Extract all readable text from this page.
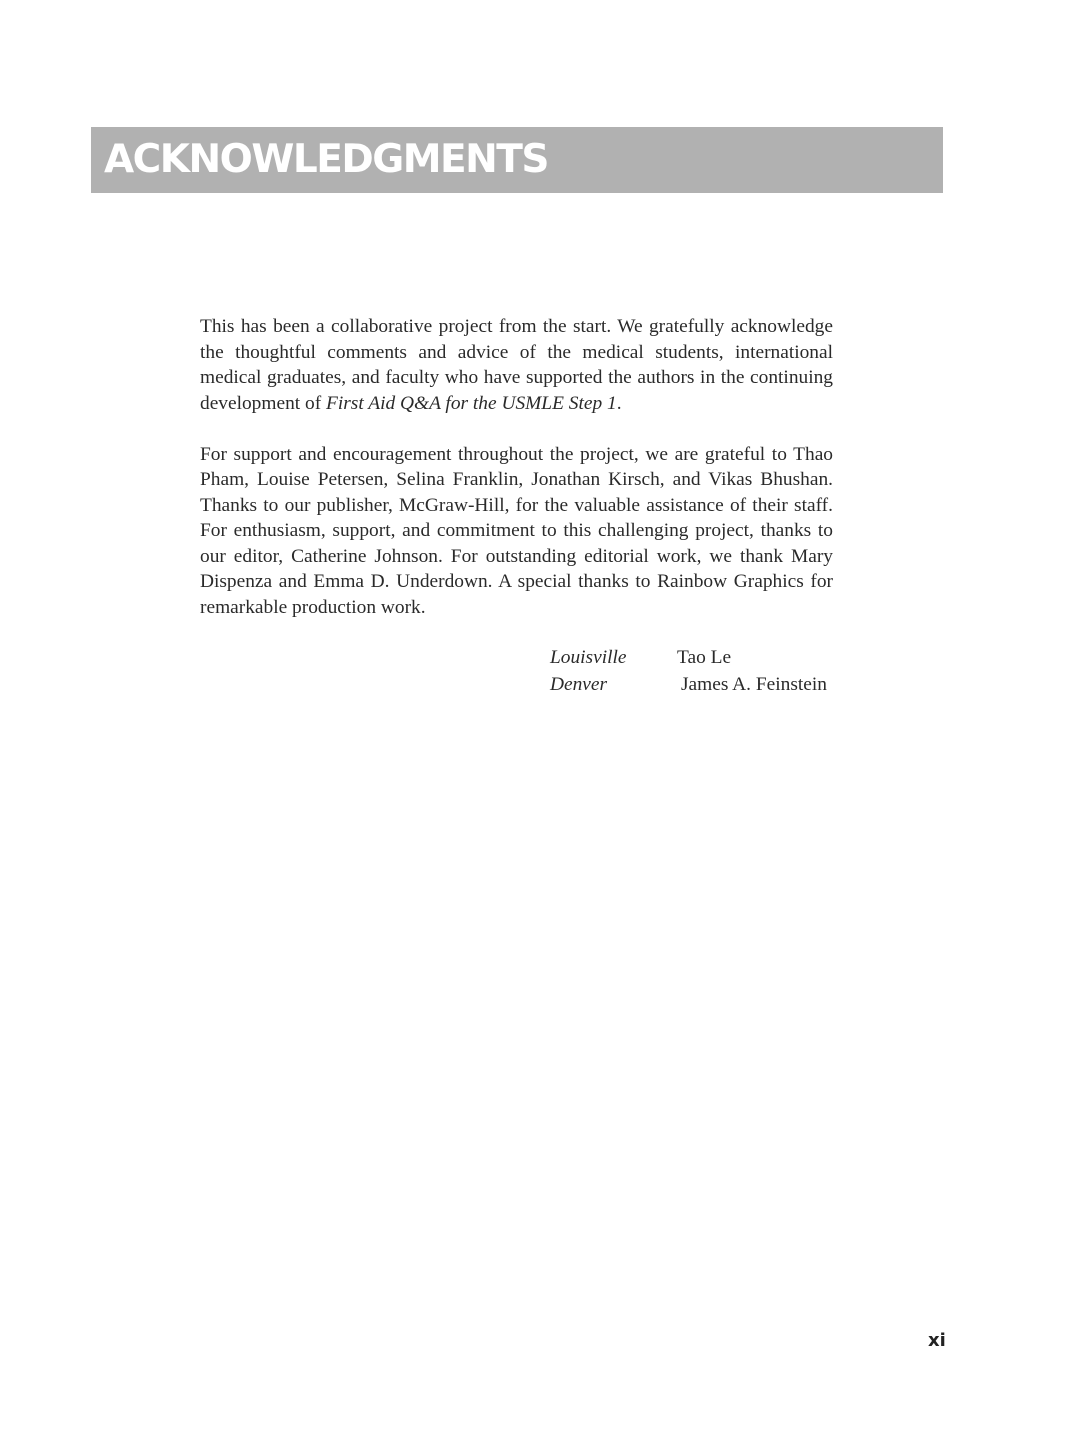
ACKNOWLEDGMENTS

This has been a collaborative project from the start. We gratefully acknowledge the thoughtful comments and advice of the medical students, international medical graduates, and faculty who have supported the authors in the continuing development of First Aid Q&A for the USMLE Step 1.

For support and encouragement throughout the project, we are grateful to Thao Pham, Louise Petersen, Selina Franklin, Jonathan Kirsch, and Vikas Bhushan. Thanks to our publisher, McGraw-Hill, for the valuable assistance of their staff. For enthusiasm, support, and commitment to this challenging project, thanks to our editor, Catherine Johnson. For outstanding editorial work, we thank Mary Dispenza and Emma D. Underdown. A special thanks to Rainbow Graphics for remarkable production work.

Louisville	Tao Le
Denver	James A. Feinstein
xi
